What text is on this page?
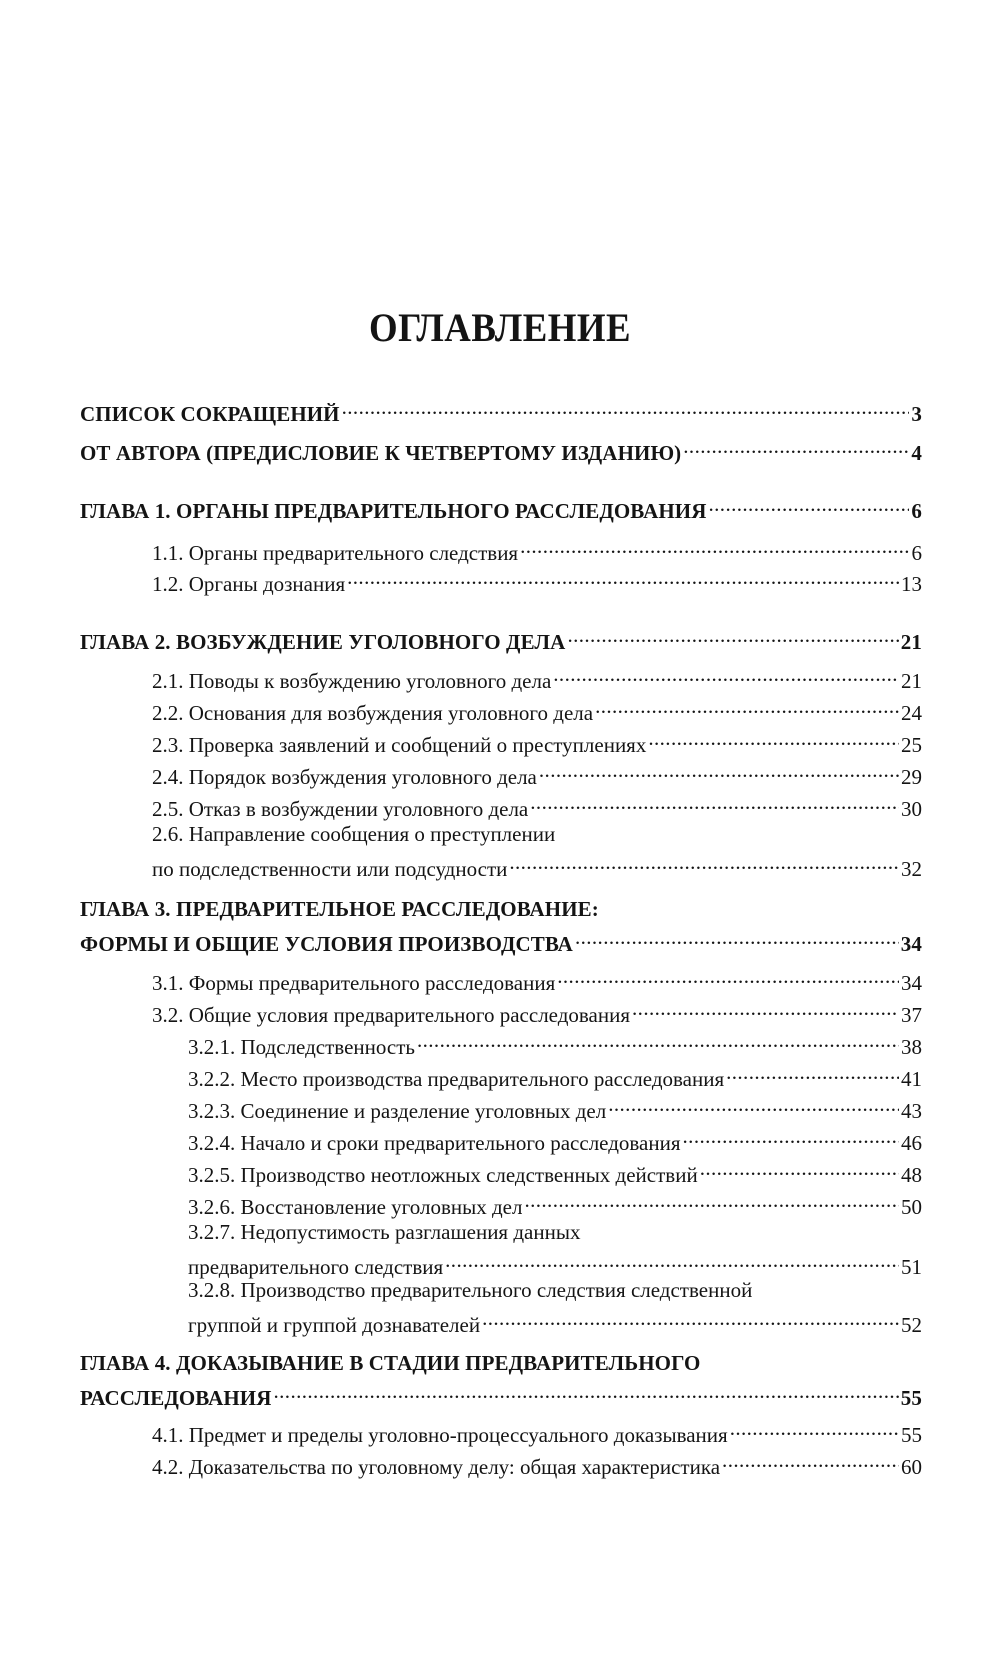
ОГЛАВЛЕНИЕ
СПИСОК СОКРАЩЕНИЙ .....	3
ОТ АВТОРА (ПРЕДИСЛОВИЕ К ЧЕТВЕРТОМУ ИЗДАНИЮ) .....	4
ГЛАВА 1. ОРГАНЫ ПРЕДВАРИТЕЛЬНОГО РАССЛЕДОВАНИЯ .....	6
1.1. Органы предварительного следствия .....	6
1.2. Органы дознания .....	13
ГЛАВА 2. ВОЗБУЖДЕНИЕ УГОЛОВНОГО ДЕЛА .....	21
2.1. Поводы к возбуждению уголовного дела .....	21
2.2. Основания для возбуждения уголовного дела .....	24
2.3. Проверка заявлений и сообщений о преступлениях .....	25
2.4. Порядок возбуждения уголовного дела .....	29
2.5. Отказ в возбуждении уголовного дела .....	30
2.6. Направление сообщения о преступлении
по подследственности или подсудности .....	32
ГЛАВА 3. ПРЕДВАРИТЕЛЬНОЕ РАССЛЕДОВАНИЕ:
ФОРМЫ И ОБЩИЕ УСЛОВИЯ ПРОИЗВОДСТВА .....	34
3.1. Формы предварительного расследования .....	34
3.2. Общие условия предварительного расследования .....	37
3.2.1. Подследственность .....	38
3.2.2. Место производства предварительного расследования .....	41
3.2.3. Соединение и разделение уголовных дел .....	43
3.2.4. Начало и сроки предварительного расследования .....	46
3.2.5. Производство неотложных следственных действий .....	48
3.2.6. Восстановление уголовных дел .....	50
3.2.7. Недопустимость разглашения данных
предварительного следствия .....	51
3.2.8. Производство предварительного следствия следственной
группой и группой дознавателей .....	52
ГЛАВА 4. ДОКАЗЫВАНИЕ В СТАДИИ ПРЕДВАРИТЕЛЬНОГО
РАССЛЕДОВАНИЯ .....	55
4.1. Предмет и пределы уголовно-процессуального доказывания .....	55
4.2. Доказательства по уголовному делу: общая характеристика .....	60
